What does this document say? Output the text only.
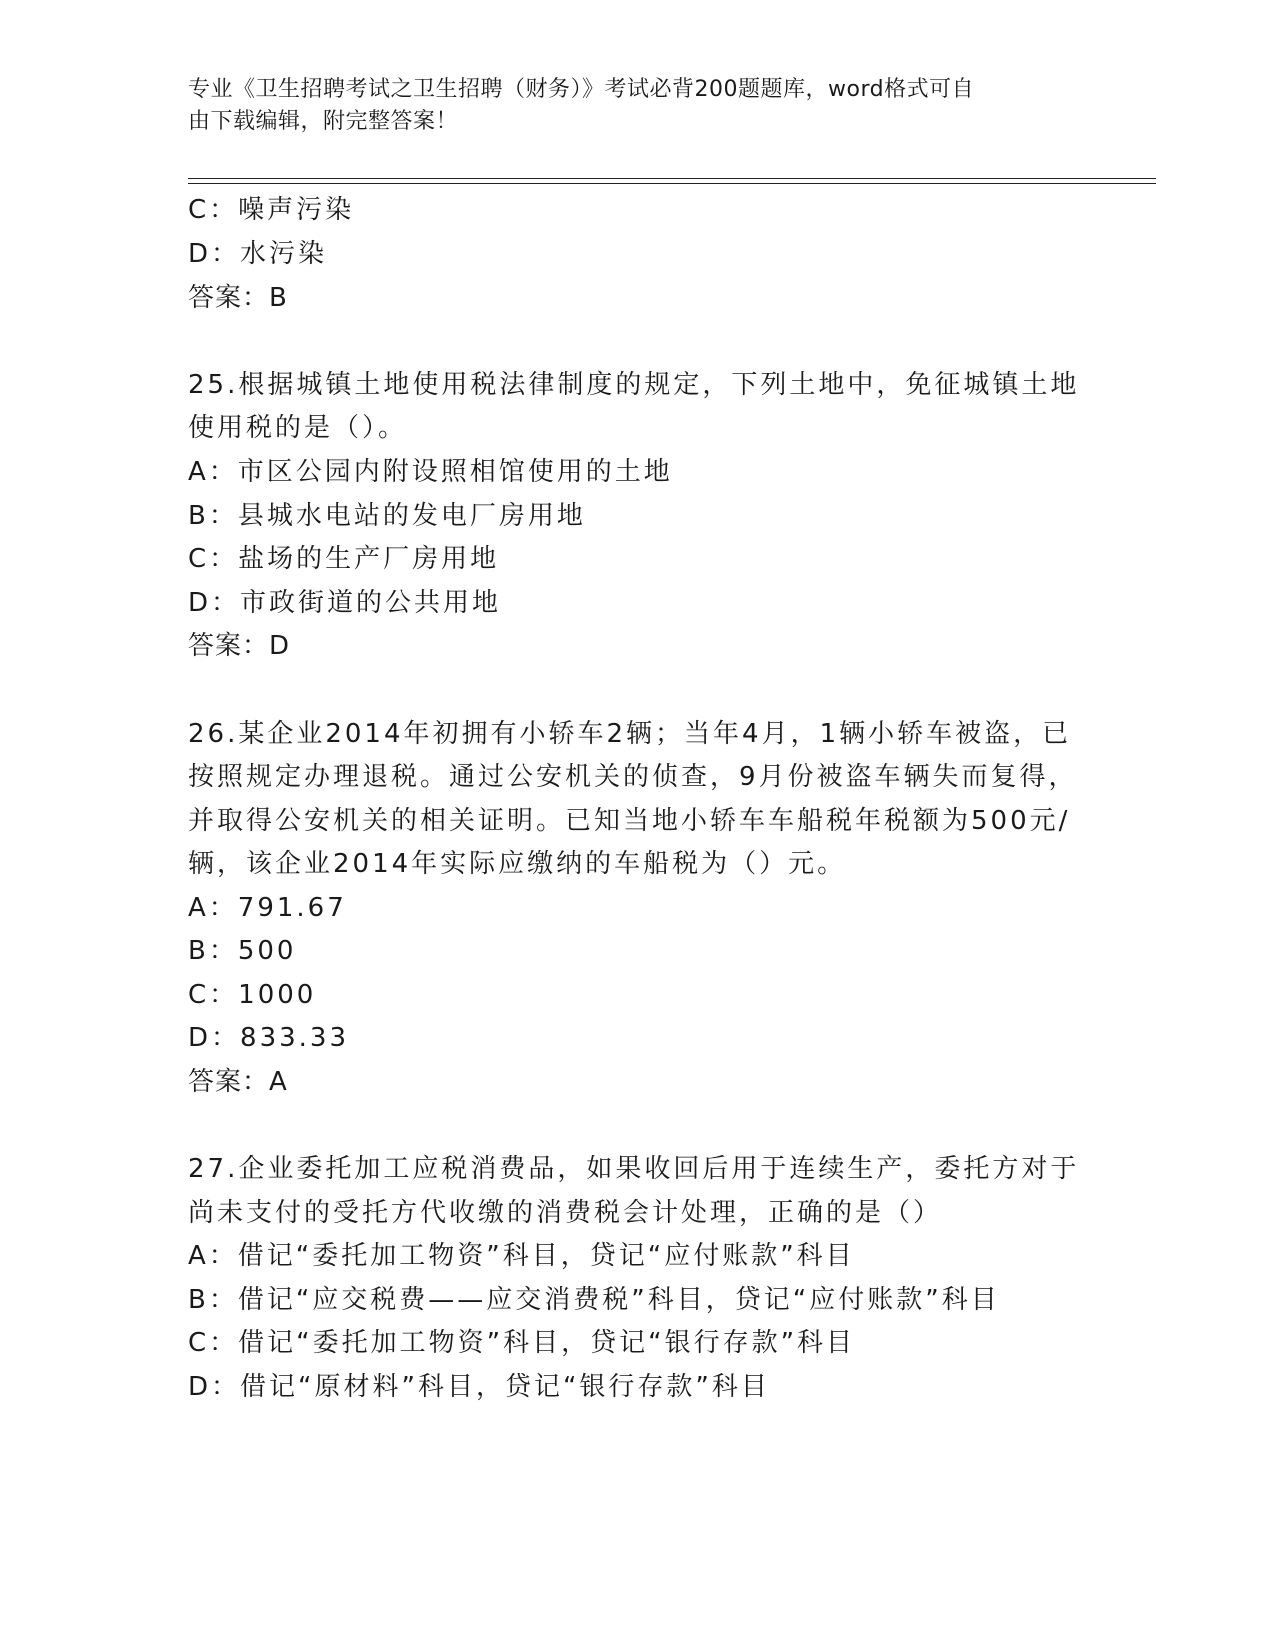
专业《卫生招聘考试之卫生招聘（财务）》考试必背200题题库，word格式可自
由下载编辑，附完整答案！
C：噪声污染
D：水污染
答案：B
25.根据城镇土地使用税法律制度的规定，下列土地中，免征城镇土地
使用税的是（）。
A：市区公园内附设照相馆使用的土地
B：县城水电站的发电厂房用地
C：盐场的生产厂房用地
D：市政街道的公共用地
答案：D
26.某企业2014年初拥有小轿车2辆；当年4月，1辆小轿车被盗，已
按照规定办理退税。通过公安机关的侦查，9月份被盗车辆失而复得，
并取得公安机关的相关证明。已知当地小轿车车船税年税额为500元/
辆，该企业2014年实际应缴纳的车船税为（）元。
A：791.67
B：500
C：1000
D：833.33
答案：A
27.企业委托加工应税消费品，如果收回后用于连续生产，委托方对于
尚未支付的受托方代收缴的消费税会计处理，正确的是（）
A：借记“委托加工物资”科目，贷记“应付账款”科目
B：借记“应交税费——应交消费税”科目，贷记“应付账款”科目
C：借记“委托加工物资”科目，贷记“银行存款”科目
D：借记“原材料”科目，贷记“银行存款”科目
